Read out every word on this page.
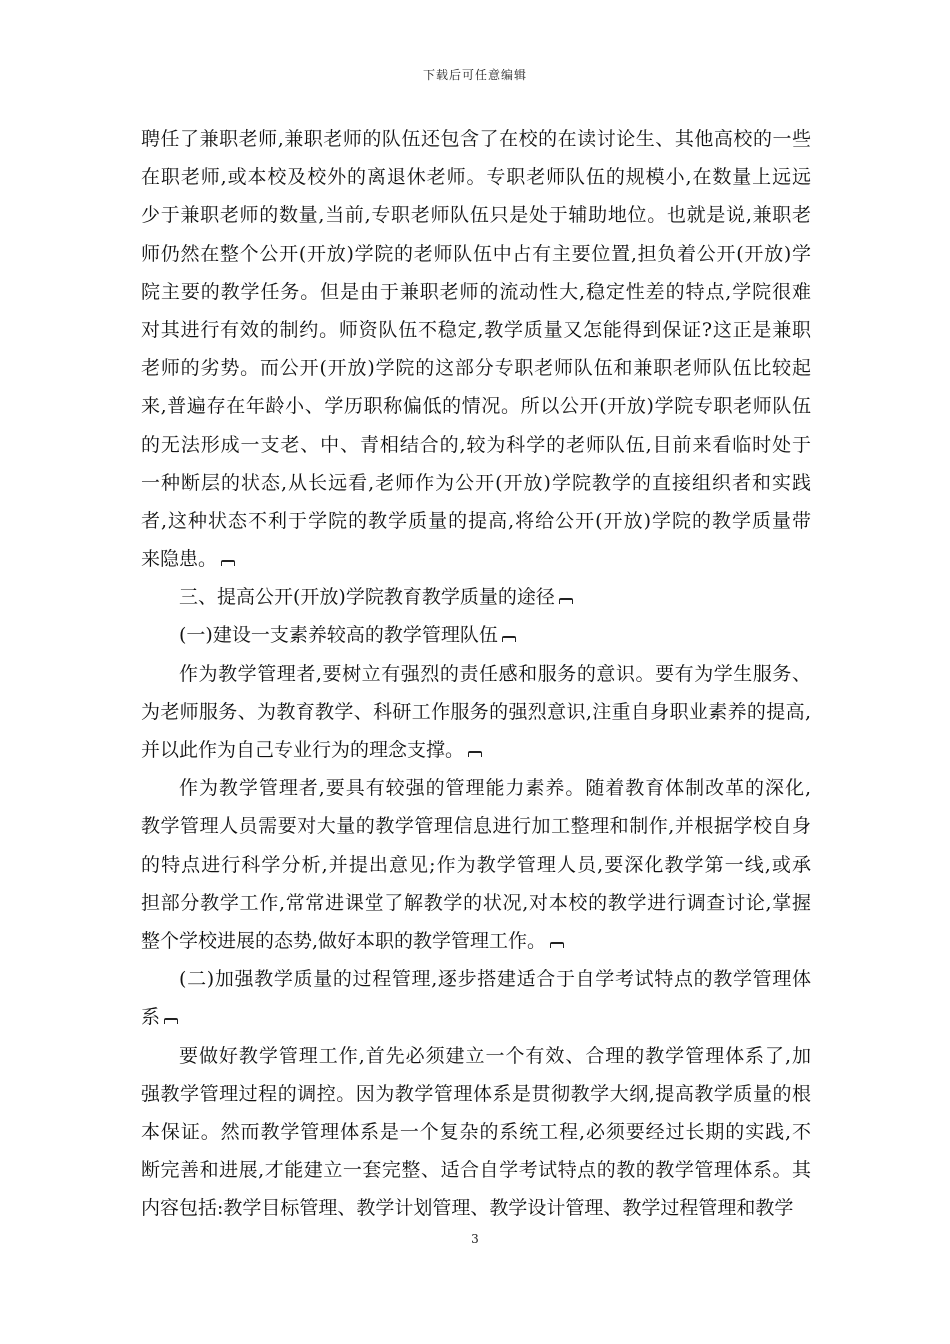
下载后可任意编辑
聘任了兼职老师,兼职老师的队伍还包含了在校的在读讨论生、其他高校的一些
在职老师,或本校及校外的离退休老师。专职老师队伍的规模小,在数量上远远
少于兼职老师的数量,当前,专职老师队伍只是处于辅助地位。也就是说,兼职老
师仍然在整个公开(开放)学院的老师队伍中占有主要位置,担负着公开(开放)学
院主要的教学任务。但是由于兼职老师的流动性大,稳定性差的特点,学院很难
对其进行有效的制约。师资队伍不稳定,教学质量又怎能得到保证?这正是兼职
老师的劣势。而公开(开放)学院的这部分专职老师队伍和兼职老师队伍比较起
来,普遍存在年龄小、学历职称偏低的情况。所以公开(开放)学院专职老师队伍
的无法形成一支老、中、青相结合的,较为科学的老师队伍,目前来看临时处于
一种断层的状态,从长远看,老师作为公开(开放)学院教学的直接组织者和实践
者,这种状态不利于学院的教学质量的提高,将给公开(开放)学院的教学质量带
来隐患。
三、提高公开(开放)学院教育教学质量的途径
(一)建设一支素养较高的教学管理队伍
作为教学管理者,要树立有强烈的责任感和服务的意识。要有为学生服务、
为老师服务、为教育教学、科研工作服务的强烈意识,注重自身职业素养的提高,
并以此作为自己专业行为的理念支撑。
作为教学管理者,要具有较强的管理能力素养。随着教育体制改革的深化,
教学管理人员需要对大量的教学管理信息进行加工整理和制作,并根据学校自身
的特点进行科学分析,并提出意见;作为教学管理人员,要深化教学第一线,或承
担部分教学工作,常常进课堂了解教学的状况,对本校的教学进行调查讨论,掌握
整个学校进展的态势,做好本职的教学管理工作。
(二)加强教学质量的过程管理,逐步搭建适合于自学考试特点的教学管理体
系
要做好教学管理工作,首先必须建立一个有效、合理的教学管理体系了,加
强教学管理过程的调控。因为教学管理体系是贯彻教学大纲,提高教学质量的根
本保证。然而教学管理体系是一个复杂的系统工程,必须要经过长期的实践,不
断完善和进展,才能建立一套完整、适合自学考试特点的教的教学管理体系。其
内容包括:教学目标管理、教学计划管理、教学设计管理、教学过程管理和教学
3
